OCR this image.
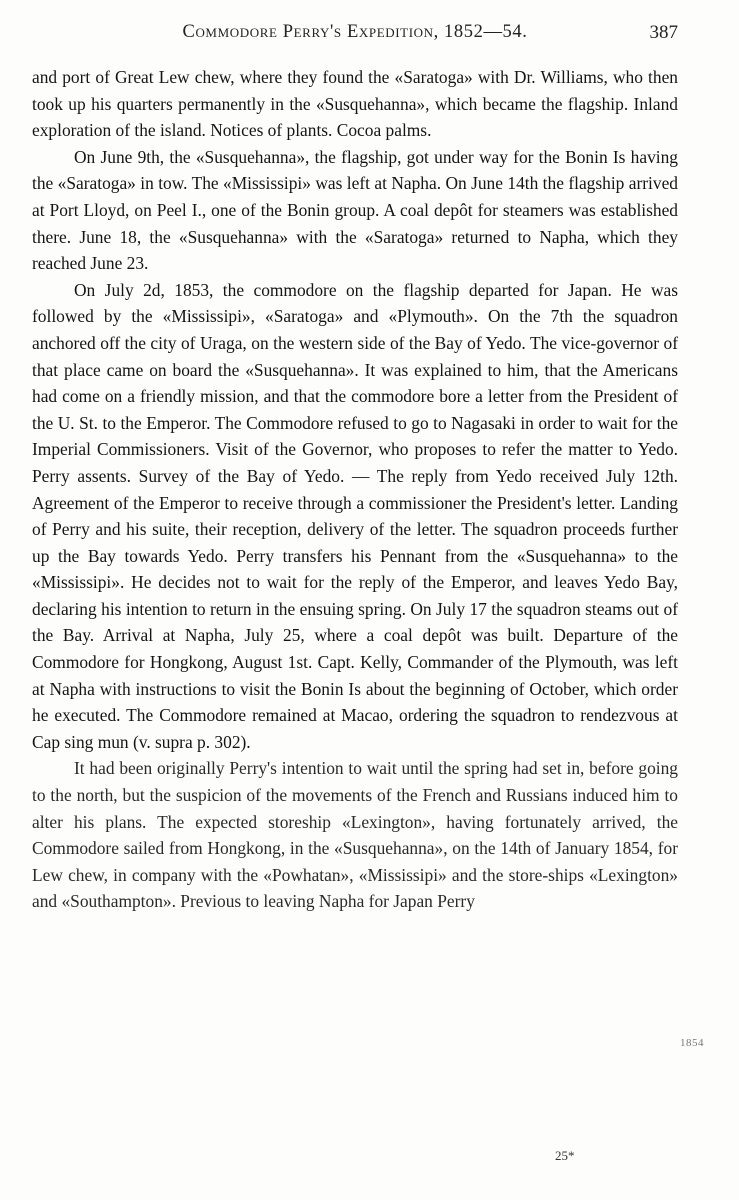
Commodore Perry's Expedition, 1852—54.	387

and port of Great Lew chew, where they found the «Saratoga» with Dr. Williams, who then took up his quarters permanently in the «Susquehanna», which became the flagship. Inland exploration of the island. Notices of plants. Cocoa palms.

On June 9th, the «Susquehanna», the flagship, got under way for the Bonin Is having the «Saratoga» in tow. The «Mississipi» was left at Napha. On June 14th the flagship arrived at Port Lloyd, on Peel I., one of the Bonin group. A coal depôt for steamers was established there. June 18, the «Susquehanna» with the «Saratoga» returned to Napha, which they reached June 23.

On July 2d, 1853, the commodore on the flagship departed for Japan. He was followed by the «Mississipi», «Saratoga» and «Plymouth». On the 7th the squadron anchored off the city of Uraga, on the western side of the Bay of Yedo. The vice-governor of that place came on board the «Susquehanna». It was explained to him, that the Americans had come on a friendly mission, and that the commodore bore a letter from the President of the U. St. to the Emperor. The Commodore refused to go to Nagasaki in order to wait for the Imperial Commissioners. Visit of the Governor, who proposes to refer the matter to Yedo. Perry assents. Survey of the Bay of Yedo. — The reply from Yedo received July 12th. Agreement of the Emperor to receive through a commissioner the President's letter. Landing of Perry and his suite, their reception, delivery of the letter. The squadron proceeds further up the Bay towards Yedo. Perry transfers his Pennant from the «Susquehanna» to the «Mississipi». He decides not to wait for the reply of the Emperor, and leaves Yedo Bay, declaring his intention to return in the ensuing spring. On July 17 the squadron steams out of the Bay. Arrival at Napha, July 25, where a coal depôt was built. Departure of the Commodore for Hongkong, August 1st. Capt. Kelly, Commander of the Plymouth, was left at Napha with instructions to visit the Bonin Is about the beginning of October, which order he executed. The Commodore remained at Macao, ordering the squadron to rendezvous at Cap sing mun (v. supra p. 302).

It had been originally Perry's intention to wait until the spring had set in, before going to the north, but the suspicion of the movements of the French and Russians induced him to alter his plans. The expected storeship «Lexington», having fortunately arrived, the Commodore sailed from Hongkong, in the «Susquehanna», on the 14th of January 1854, for Lew chew, in company with the «Powhatan», «Mississipi» and the store-ships «Lexington» and «Southampton». Previous to leaving Napha for Japan Perry

1854
25*
